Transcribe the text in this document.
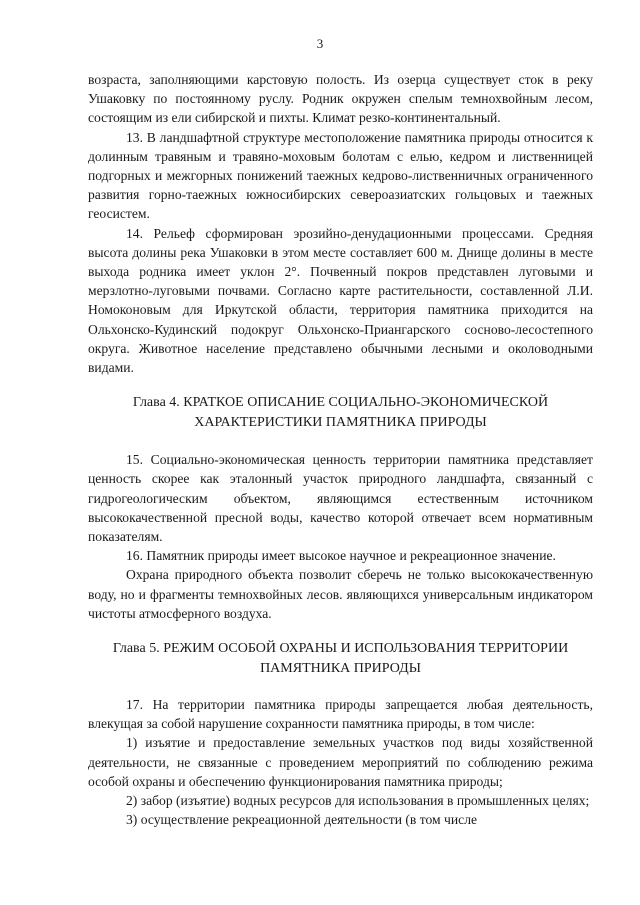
3

возраста, заполняющими карстовую полость. Из озерца существует сток в реку Ушаковку по постоянному руслу. Родник окружен спелым темнохвойным лесом, состоящим из ели сибирской и пихты. Климат резко-континентальный.

13. В ландшафтной структуре местоположение памятника природы относится к долинным травяным и травяно-моховым болотам с елью, кедром и лиственницей подгорных и межгорных понижений таежных кедрово-лиственничных ограниченного развития горно-таежных южносибирских североазиатских гольцовых и таежных геосистем.

14. Рельеф сформирован эрозийно-денудационными процессами. Средняя высота долины река Ушаковки в этом месте составляет 600 м. Днище долины в месте выхода родника имеет уклон 2°. Почвенный покров представлен луговыми и мерзлотно-луговыми почвами. Согласно карте растительности, составленной Л.И. Номоконовым для Иркутской области, территория памятника приходится на Ольхонско-Кудинский подокруг Ольхонско-Приангарского сосново-лесостепного округа. Животное население представлено обычными лесными и околоводными видами.

Глава 4. КРАТКОЕ ОПИСАНИЕ СОЦИАЛЬНО-ЭКОНОМИЧЕСКОЙ
ХАРАКТЕРИСТИКИ ПАМЯТНИКА ПРИРОДЫ

15. Социально-экономическая ценность территории памятника представляет ценность скорее как эталонный участок природного ландшафта, связанный с гидрогеологическим объектом, являющимся естественным источником высококачественной пресной воды, качество которой отвечает всем нормативным показателям.

16. Памятник природы имеет высокое научное и рекреационное значение.

Охрана природного объекта позволит сберечь не только высококачественную воду, но и фрагменты темнохвойных лесов. являющихся универсальным индикатором чистоты атмосферного воздуха.

Глава 5. РЕЖИМ ОСОБОЙ ОХРАНЫ И ИСПОЛЬЗОВАНИЯ ТЕРРИТОРИИ
ПАМЯТНИКА ПРИРОДЫ

17. На территории памятника природы запрещается любая деятельность, влекущая за собой нарушение сохранности памятника природы, в том числе:

1) изъятие и предоставление земельных участков под виды хозяйственной деятельности, не связанные с проведением мероприятий по соблюдению режима особой охраны и обеспечению функционирования памятника природы;

2) забор (изъятие) водных ресурсов для использования в промышленных целях;

3) осуществление рекреационной деятельности (в том числе
